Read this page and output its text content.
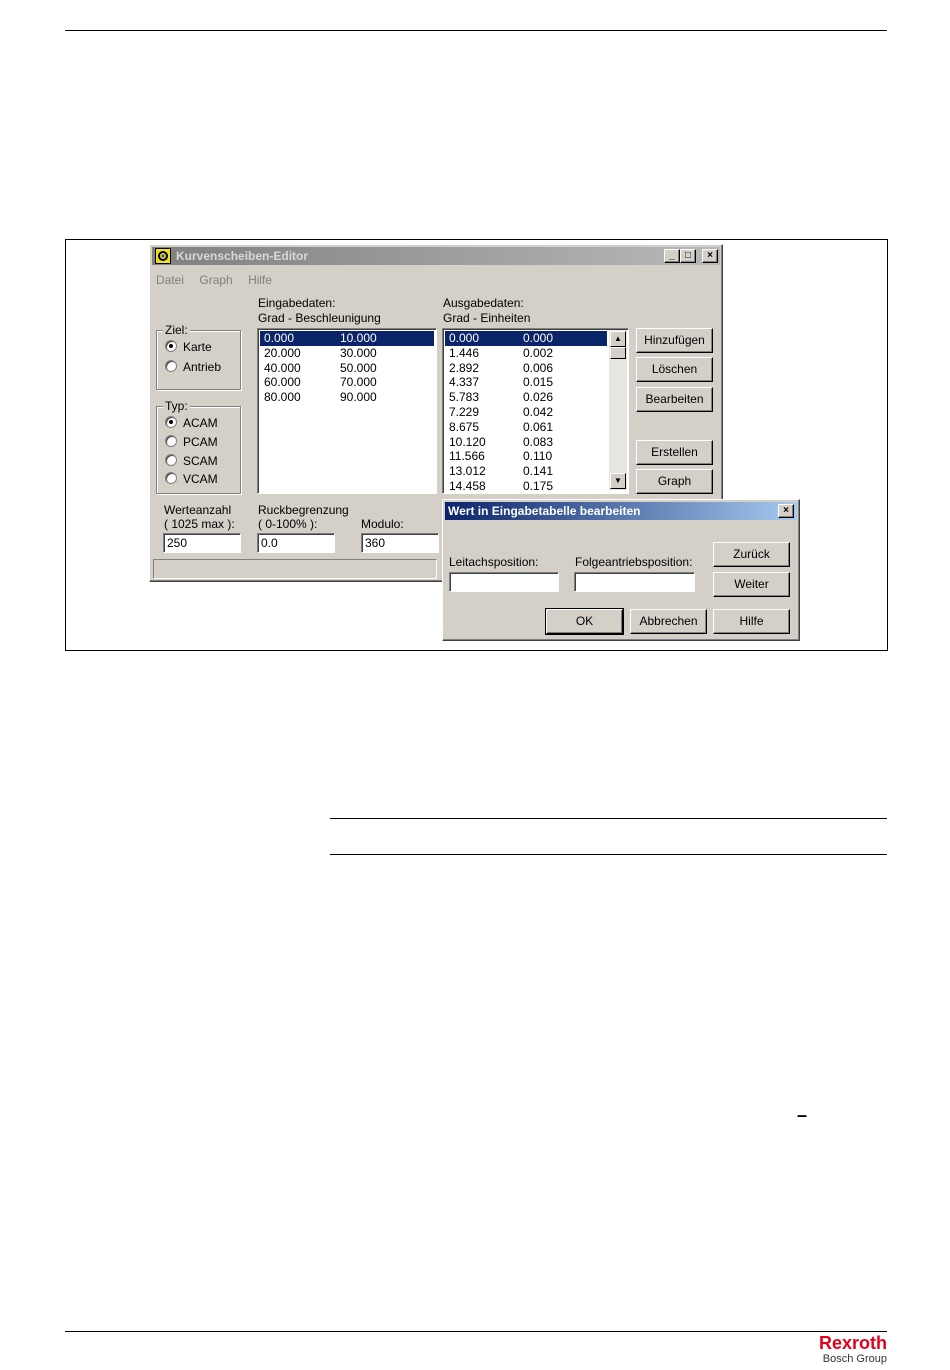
Kurvenscheiben-Editor	_	□	×
Datei Graph Hilfe
Ziel:
Karte
Antrieb
Typ:
ACAM
PCAM
SCAM
VCAM
Eingabedaten:
Grad - Beschleunigung
0.000	10.000
20.000	30.000
40.000	50.000
60.000	70.000
80.000	90.000
Ausgabedaten:
Grad - Einheiten
0.000	0.000
1.446	0.002
2.892	0.006
4.337	0.015
5.783	0.026
7.229	0.042
8.675	0.061
10.120	0.083
11.566	0.110
13.012	0.141
14.458	0.175
▲
▼
Hinzufügen
Löschen
Bearbeiten
Erstellen
Graph
Werteanzahl
( 1025 max ):
250
Ruckbegrenzung
( 0-100% ):
0.0
Modulo:
360
Wert in Eingabetabelle bearbeiten	×
Leitachsposition:	Folgeantriebsposition:
Zurück
Weiter
OK	Abbrechen	Hilfe
–
Rexroth
Bosch Group
